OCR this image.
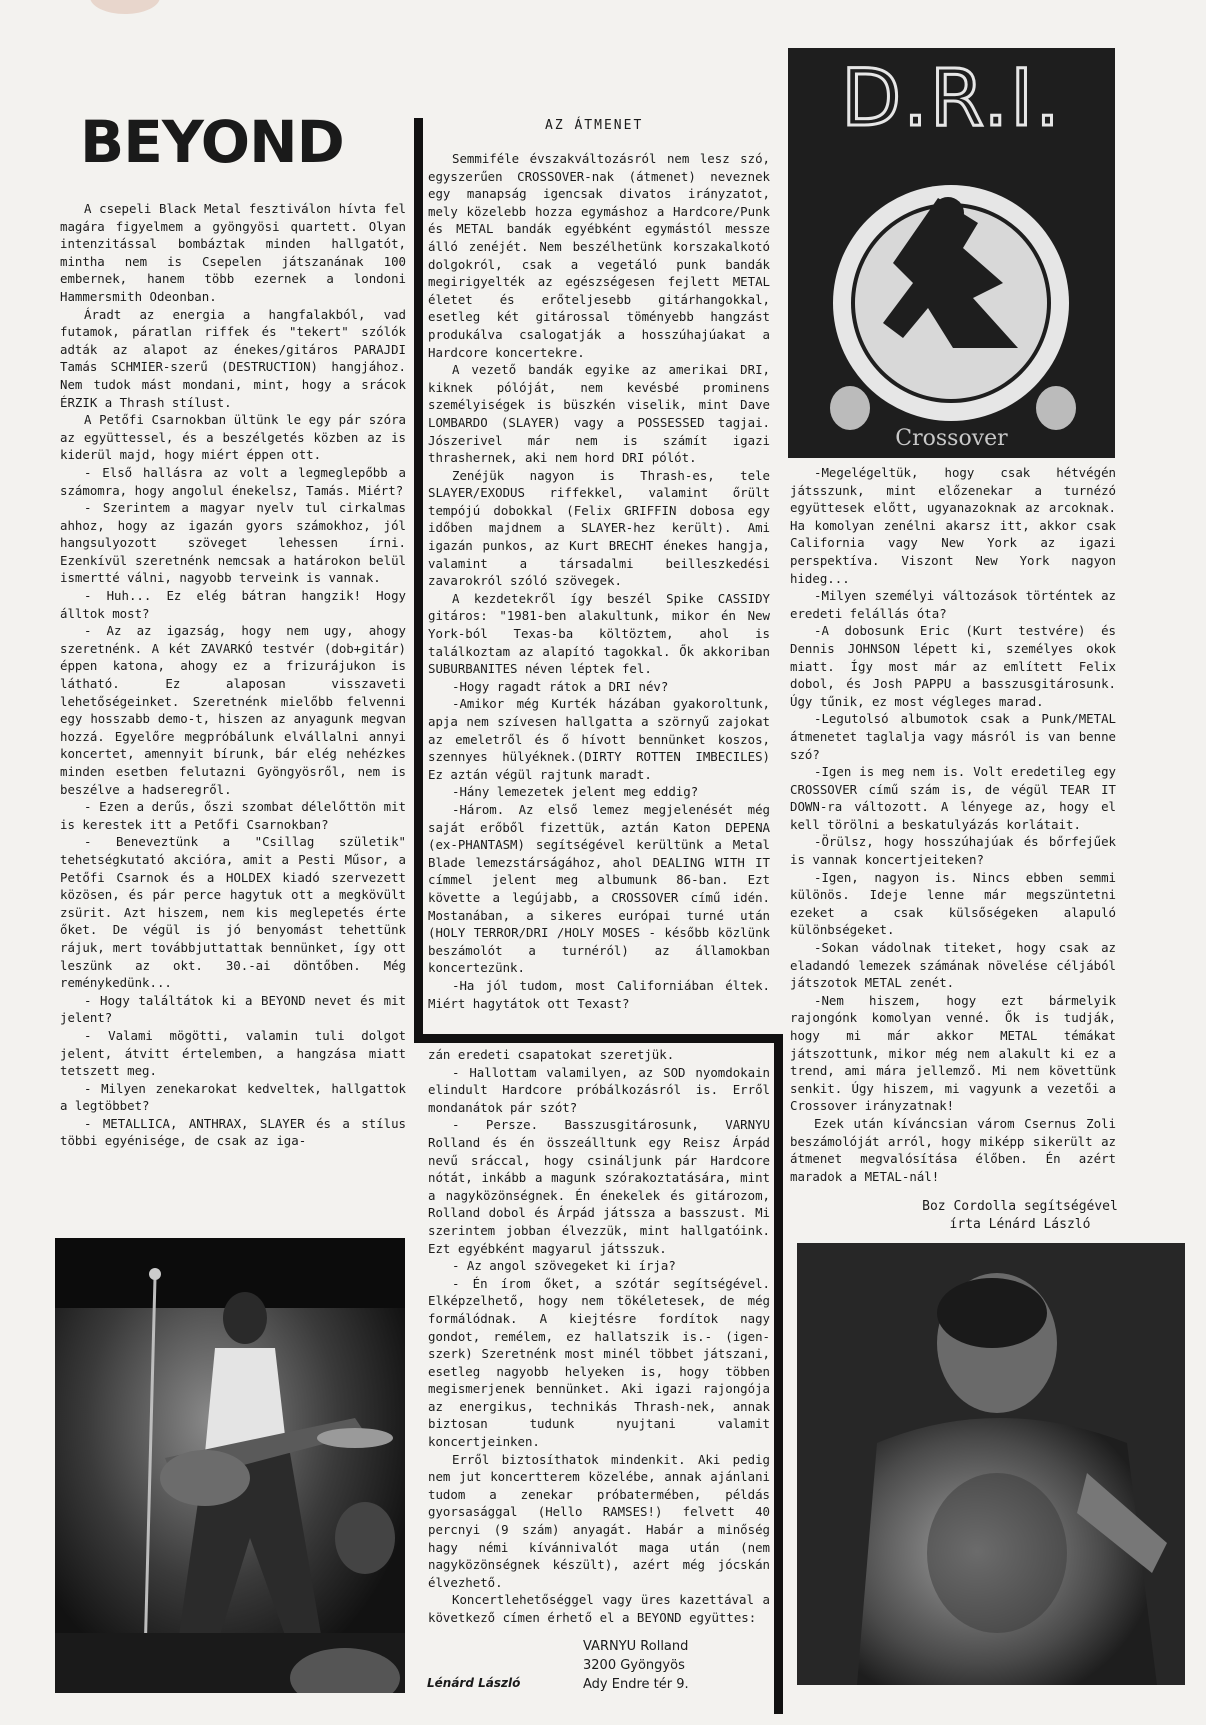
BEYOND	AZ ÁTMENET

A csepeli Black Metal fesztiválon hívta fel magára figyelmem a gyöngyösi quartett. Olyan intenzitással bombáztak minden hallgatót, mintha nem is Csepelen játszanának 100 embernek, hanem több ezernek a londoni Hammersmith Odeonban.

Áradt az energia a hangfalakból, vad futamok, páratlan riffek és "tekert" szólók adták az alapot az énekes/gitáros PARAJDI Tamás SCHMIER-szerű (DESTRUCTION) hangjához. Nem tudok mást mondani, mint, hogy a srácok ÉRZIK a Thrash stílust.

A Petőfi Csarnokban ültünk le egy pár szóra az együttessel, és a beszélgetés közben az is kiderül majd, hogy miért éppen ott.

- Első hallásra az volt a legmeglepőbb a számomra, hogy angolul énekelsz, Tamás. Miért?

- Szerintem a magyar nyelv tul cirkalmas ahhoz, hogy az igazán gyors számokhoz, jól hangsulyozott szöveget lehessen írni. Ezenkívül szeretnénk nemcsak a határokon belül ismertté válni, nagyobb terveink is vannak.

- Huh... Ez elég bátran hangzik! Hogy álltok most?

- Az az igazság, hogy nem ugy, ahogy szeretnénk. A két ZAVARKÓ testvér (dob+gitár) éppen katona, ahogy ez a frizurájukon is látható. Ez alaposan visszaveti lehetőségeinket. Szeretnénk mielőbb felvenni egy hosszabb demo-t, hiszen az anyagunk megvan hozzá. Egyelőre megpróbálunk elvállalni annyi koncertet, amennyit bírunk, bár elég nehézkes minden esetben felutazni Gyöngyösről, nem is beszélve a hadseregről.

- Ezen a derűs, őszi szombat délelőttön mit is kerestek itt a Petőfi Csarnokban?

- Beneveztünk a "Csillag születik" tehetségkutató akcióra, amit a Pesti Műsor, a Petőfi Csarnok és a HOLDEX kiadó szervezett közösen, és pár perce hagytuk ott a megkövült zsürit. Azt hiszem, nem kis meglepetés érte őket. De végül is jó benyomást tehettünk rájuk, mert továbbjuttattak bennünket, így ott leszünk az okt. 30.-ai döntőben. Még reménykedünk...

- Hogy találtátok ki a BEYOND nevet és mit jelent?

- Valami mögötti, valamin tuli dolgot jelent, átvitt értelemben, a hangzása miatt tetszett meg.

- Milyen zenekarokat kedveltek, hallgattok a legtöbbet?

- METALLICA, ANTHRAX, SLAYER és a stílus többi egyénisége, de csak az iga-

Semmiféle évszakváltozásról nem lesz szó, egyszerűen CROSSOVER-nak (átmenet) neveznek egy manapság igencsak divatos irányzatot, mely közelebb hozza egymáshoz a Hardcore/Punk és METAL bandák egyébként egymástól messze álló zenéjét. Nem beszélhetünk korszakalkotó dolgokról, csak a vegetáló punk bandák megirigyelték az egészségesen fejlett METAL életet és erőteljesebb gitárhangokkal, esetleg két gitárossal töményebb hangzást produkálva csalogatják a hosszúhajúakat a Hardcore koncertekre.

A vezető bandák egyike az amerikai DRI, kiknek pólóját, nem kevésbé prominens személyiségek is büszkén viselik, mint Dave LOMBARDO (SLAYER) vagy a POSSESSED tagjai. Jószerivel már nem is számít igazi thrashernek, aki nem hord DRI pólót.

Zenéjük nagyon is Thrash-es, tele SLAYER/EXODUS riffekkel, valamint őrült tempójú dobokkal (Felix GRIFFIN dobosa egy időben majdnem a SLAYER-hez került). Ami igazán punkos, az Kurt BRECHT énekes hangja, valamint a társadalmi beilleszkedési zavarokról szóló szövegek.

A kezdetekről így beszél Spike CASSIDY gitáros: "1981-ben alakultunk, mikor én New York-ból Texas-ba költöztem, ahol is találkoztam az alapító tagokkal. Ők akkoriban SUBURBANITES néven léptek fel.

-Hogy ragadt rátok a DRI név?

-Amikor még Kurték házában gyakoroltunk, apja nem szívesen hallgatta a szörnyű zajokat az emeletről és ő hívott bennünket koszos, szennyes hülyéknek.(DIRTY ROTTEN IMBECILES) Ez aztán végül rajtunk maradt.

-Hány lemezetek jelent meg eddig?

-Három. Az első lemez megjelenését még saját erőből fizettük, aztán Katon DEPENA (ex-PHANTASM) segítségével kerültünk a Metal Blade lemezstárságához, ahol DEALING WITH IT címmel jelent meg albumunk 86-ban. Ezt követte a legújabb, a CROSSOVER című idén. Mostanában, a sikeres európai turné után (HOLY TERROR/DRI /HOLY MOSES - később közlünk beszámolót a turnéról) az államokban koncertezünk.

-Ha jól tudom, most Californiában éltek. Miért hagytátok ott Texast?

zán eredeti csapatokat szeretjük.

- Hallottam valamilyen, az SOD nyomdokain elindult Hardcore próbálkozásról is. Erről mondanátok pár szót?

- Persze. Basszusgitárosunk, VARNYU Rolland és én összeálltunk egy Reisz Árpád nevű sráccal, hogy csináljunk pár Hardcore nótát, inkább a magunk szórakoztatására, mint a nagyközönségnek. Én énekelek és gitározom, Rolland dobol és Árpád játssza a basszust. Mi szerintem jobban élvezzük, mint hallgatóink. Ezt egyébként magyarul játsszuk.

- Az angol szövegeket ki írja?

- Én írom őket, a szótár segítségével. Elképzelhető, hogy nem tökéletesek, de még formálódnak. A kiejtésre fordítok nagy gondot, remélem, ez hallatszik is.- (igen-szerk) Szeretnénk most minél többet játszani, esetleg nagyobb helyeken is, hogy többen megismerjenek bennünket. Aki igazi rajongója az energikus, technikás Thrash-nek, annak biztosan tudunk nyujtani valamit koncertjeinken.

Erről biztosíthatok mindenkit. Aki pedig nem jut koncertterem közelébe, annak ajánlani tudom a zenekar próbatermében, példás gyorsasággal (Hello RAMSES!) felvett 40 percnyi (9 szám) anyagát. Habár a minőség hagy némi kívánnivalót maga után (nem nagyközönségnek készült), azért még jócskán élvezhető.

Koncertlehetőséggel vagy üres kazettával a következő címen érhető el a BEYOND együttes:

VARNYU Rolland
3200 Gyöngyös
Ady Endre tér 9.
Lénárd László
D.R.I.
Crossover

-Megelégeltük, hogy csak hétvégén játsszunk, mint előzenekar a turnézó együttesek előtt, ugyanazoknak az arcoknak. Ha komolyan zenélni akarsz itt, akkor csak California vagy New York az igazi perspektíva. Viszont New York nagyon hideg...

-Milyen személyi változások történtek az eredeti felállás óta?

-A dobosunk Eric (Kurt testvére) és Dennis JOHNSON lépett ki, személyes okok miatt. Így most már az említett Felix dobol, és Josh PAPPU a basszusgitárosunk. Úgy tűnik, ez most végleges marad.

-Legutolsó albumotok csak a Punk/METAL átmenetet taglalja vagy másról is van benne szó?

-Igen is meg nem is. Volt eredetileg egy CROSSOVER című szám is, de végül TEAR IT DOWN-ra változott. A lényege az, hogy el kell törölni a beskatulyázás korlátait.

-Örülsz, hogy hosszúhajúak és bőrfejűek is vannak koncertjeiteken?

-Igen, nagyon is. Nincs ebben semmi különös. Ideje lenne már megszüntetni ezeket a csak külsőségeken alapuló különbségeket.

-Sokan vádolnak titeket, hogy csak az eladandó lemezek számának növelése céljából játszotok METAL zenét.

-Nem hiszem, hogy ezt bármelyik rajongónk komolyan venné. Ők is tudják, hogy mi már akkor METAL témákat játszottunk, mikor még nem alakult ki ez a trend, ami mára jellemző. Mi nem követtünk senkit. Úgy hiszem, mi vagyunk a vezetői a Crossover irányzatnak!

Ezek után kíváncsian várom Csernus Zoli beszámolóját arról, hogy miképp sikerült az átmenet megvalósítása élőben. Én azért maradok a METAL-nál!

Boz Cordolla segítségével
írta Lénárd László
